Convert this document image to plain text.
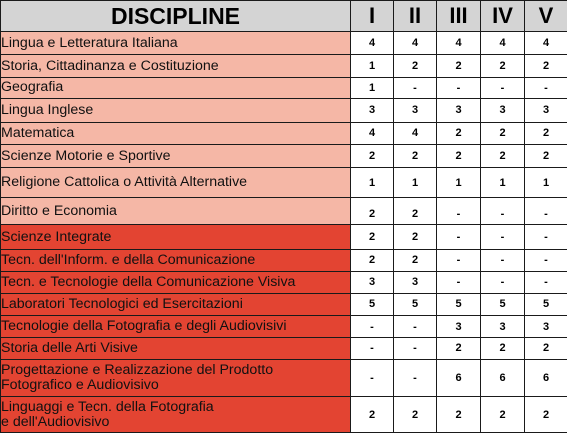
DISCIPLINE	I	II	III	IV	V
Lingua e Letteratura Italiana	4	4	4	4	4
Storia, Cittadinanza e Costituzione	1	2	2	2	2
Geografia	1	-	-	-	-
Lingua Inglese	3	3	3	3	3
Matematica	4	4	2	2	2
Scienze Motorie e Sportive	2	2	2	2	2
Religione Cattolica o Attività Alternative	1	1	1	1	1
Diritto e Economia	2	2	-	-	-
Scienze Integrate	2	2	-	-	-
Tecn. dell'Inform. e della Comunicazione	2	2	-	-	-
Tecn. e Tecnologie della Comunicazione Visiva	3	3	-	-	-
Laboratori Tecnologici ed Esercitazioni	5	5	5	5	5
Tecnologie della Fotografia e degli Audiovisivi	-	-	3	3	3
Storia delle Arti Visive	-	-	2	2	2

Progettazione e Realizzazione del Prodotto
Fotografico e Audiovisivo	-	-	6	6	6

Linguaggi e Tecn. della Fotografia
e dell'Audiovisivo	2	2	2	2	2
